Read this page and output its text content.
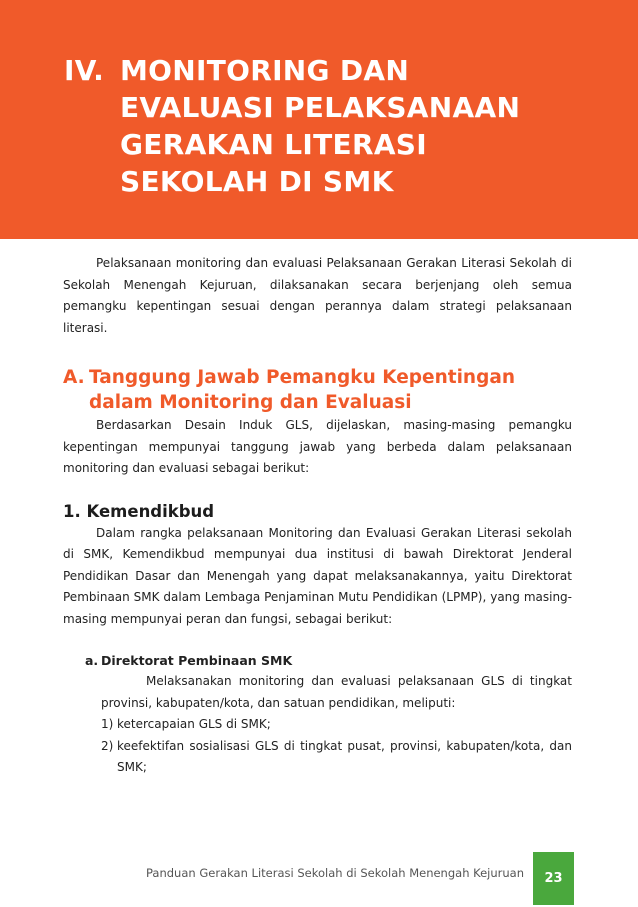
IV. MONITORING DAN
EVALUASI PELAKSANAAN
GERAKAN LITERASI
SEKOLAH DI SMK

Pelaksanaan monitoring dan evaluasi Pelaksanaan Gerakan Literasi Sekolah di Sekolah Menengah Kejuruan, dilaksanakan secara berjenjang oleh semua pemangku kepentingan sesuai dengan perannya dalam strategi pelaksanaan literasi.

A. Tanggung Jawab Pemangku Kepentingan dalam Monitoring dan Evaluasi

Berdasarkan Desain Induk GLS, dijelaskan, masing-masing pemangku kepentingan mempunyai tanggung jawab yang berbeda dalam pelaksanaan monitoring dan evaluasi sebagai berikut:

1. Kemendikbud

Dalam rangka pelaksanaan Monitoring dan Evaluasi Gerakan Literasi sekolah di SMK, Kemendikbud mempunyai dua institusi di bawah Direktorat Jenderal Pendidikan Dasar dan Menengah yang dapat melaksanakannya, yaitu Direktorat Pembinaan SMK dalam Lembaga Penjaminan Mutu Pendidikan (LPMP), yang masing-masing mempunyai peran dan fungsi, sebagai berikut:

a. Direktorat Pembinaan SMK

Melaksanakan monitoring dan evaluasi pelaksanaan GLS di tingkat provinsi, kabupaten/kota, dan satuan pendidikan, meliputi:

1) ketercapaian GLS di SMK;
2) keefektifan sosialisasi GLS di tingkat pusat, provinsi, kabupaten/kota, dan SMK;
Panduan Gerakan Literasi Sekolah di Sekolah Menengah Kejuruan 23
